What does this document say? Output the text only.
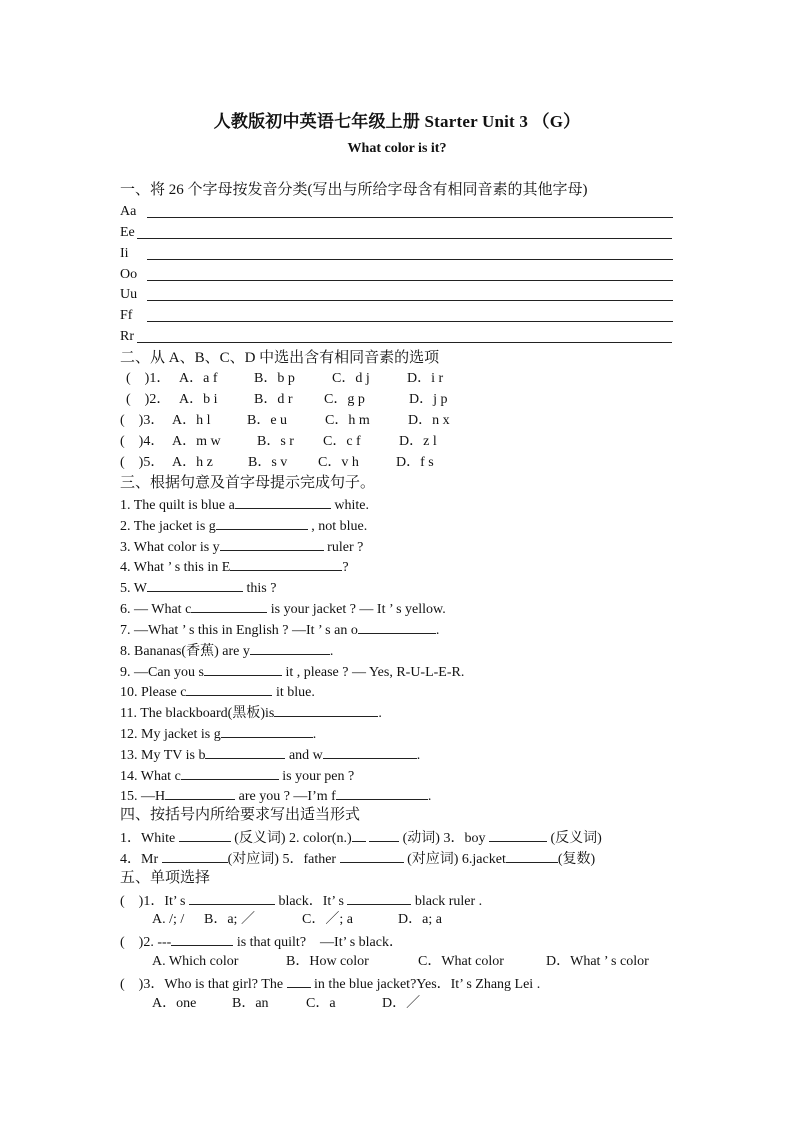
人教版初中英语七年级上册 Starter Unit 3 （G）
What color is it?
一、将 26 个字母按发音分类(写出与所给字母含有相同音素的其他字母)
Aa
Ee
Ii
Oo
Uu
Ff
Rr
二、从 A、B、C、D 中选出含有相同音素的选项
(　)1． A．a f	B．b p	C．d j	D．i r
(　)2． A．b i	B．d r C．g p	D．j p
(　)3． A．h l	B．e u	C．h m	D．n x
(　)4． A．m w	B．s r C．c f	D．z l
(　)5． A．h z	B．s v C．v h	D．f s
三、根据句意及首字母提示完成句子。
1. The quilt is blue a	white.
2. The jacket is g	, not blue.
3. What color is y	ruler ?
4. What ’ s this in E	?
5. W	this ?
6. — What c	is your jacket ? — It ’ s yellow.
7. —What ’ s this in English ? —It ’ s an o	.
8. Bananas(香蕉) are y	.
9. —Can you s	it , please ? — Yes, R-U-L-E-R.
10. Please c	it blue.
11. The blackboard(黑板)is	.
12. My jacket is g	.
13. My TV is b	and w	.
14. What c	is your pen ?
15. —H	are you ? —I’m f	.
四、按括号内所给要求写出适当形式
1．White	(反义词) 2. color(n.)	(动词) 3．boy	(反义词)
4．Mr	(对应词) 5．father	(对应词) 6.jacket	(复数)
五、单项选择
(　)1．It’ s	black．It’ s	black ruler .
A. /; / B．a; ／	C．／; a	D．a; a
(　)2. ---	is that quilt?　—It’ s black．
A. Which color	B．How color	C．What color	D．What ’ s color
(　)3．Who is that girl? The  in the blue jacket?Yes．It’ s Zhang Lei .
A．one	B．an	C．a	D．／
